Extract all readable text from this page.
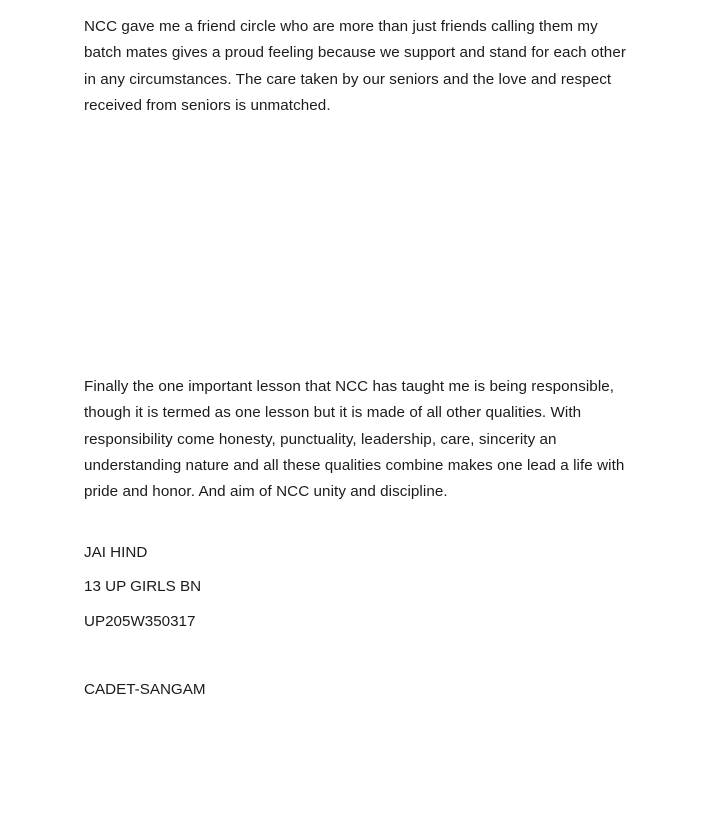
NCC gave me a friend circle who are more than just friends calling them my batch mates gives a proud feeling because we support and stand for each other in any circumstances. The care taken by our seniors and the love and respect received from seniors is unmatched.

Finally the one important lesson that NCC has taught me is being responsible, though it is termed as one lesson but it is made of all other qualities. With responsibility come honesty, punctuality, leadership, care, sincerity an understanding nature and all these qualities combine makes one lead a life with pride and honor. And aim of NCC unity and discipline.

JAI HIND

13 UP GIRLS BN

UP205W350317

CADET-SANGAM
